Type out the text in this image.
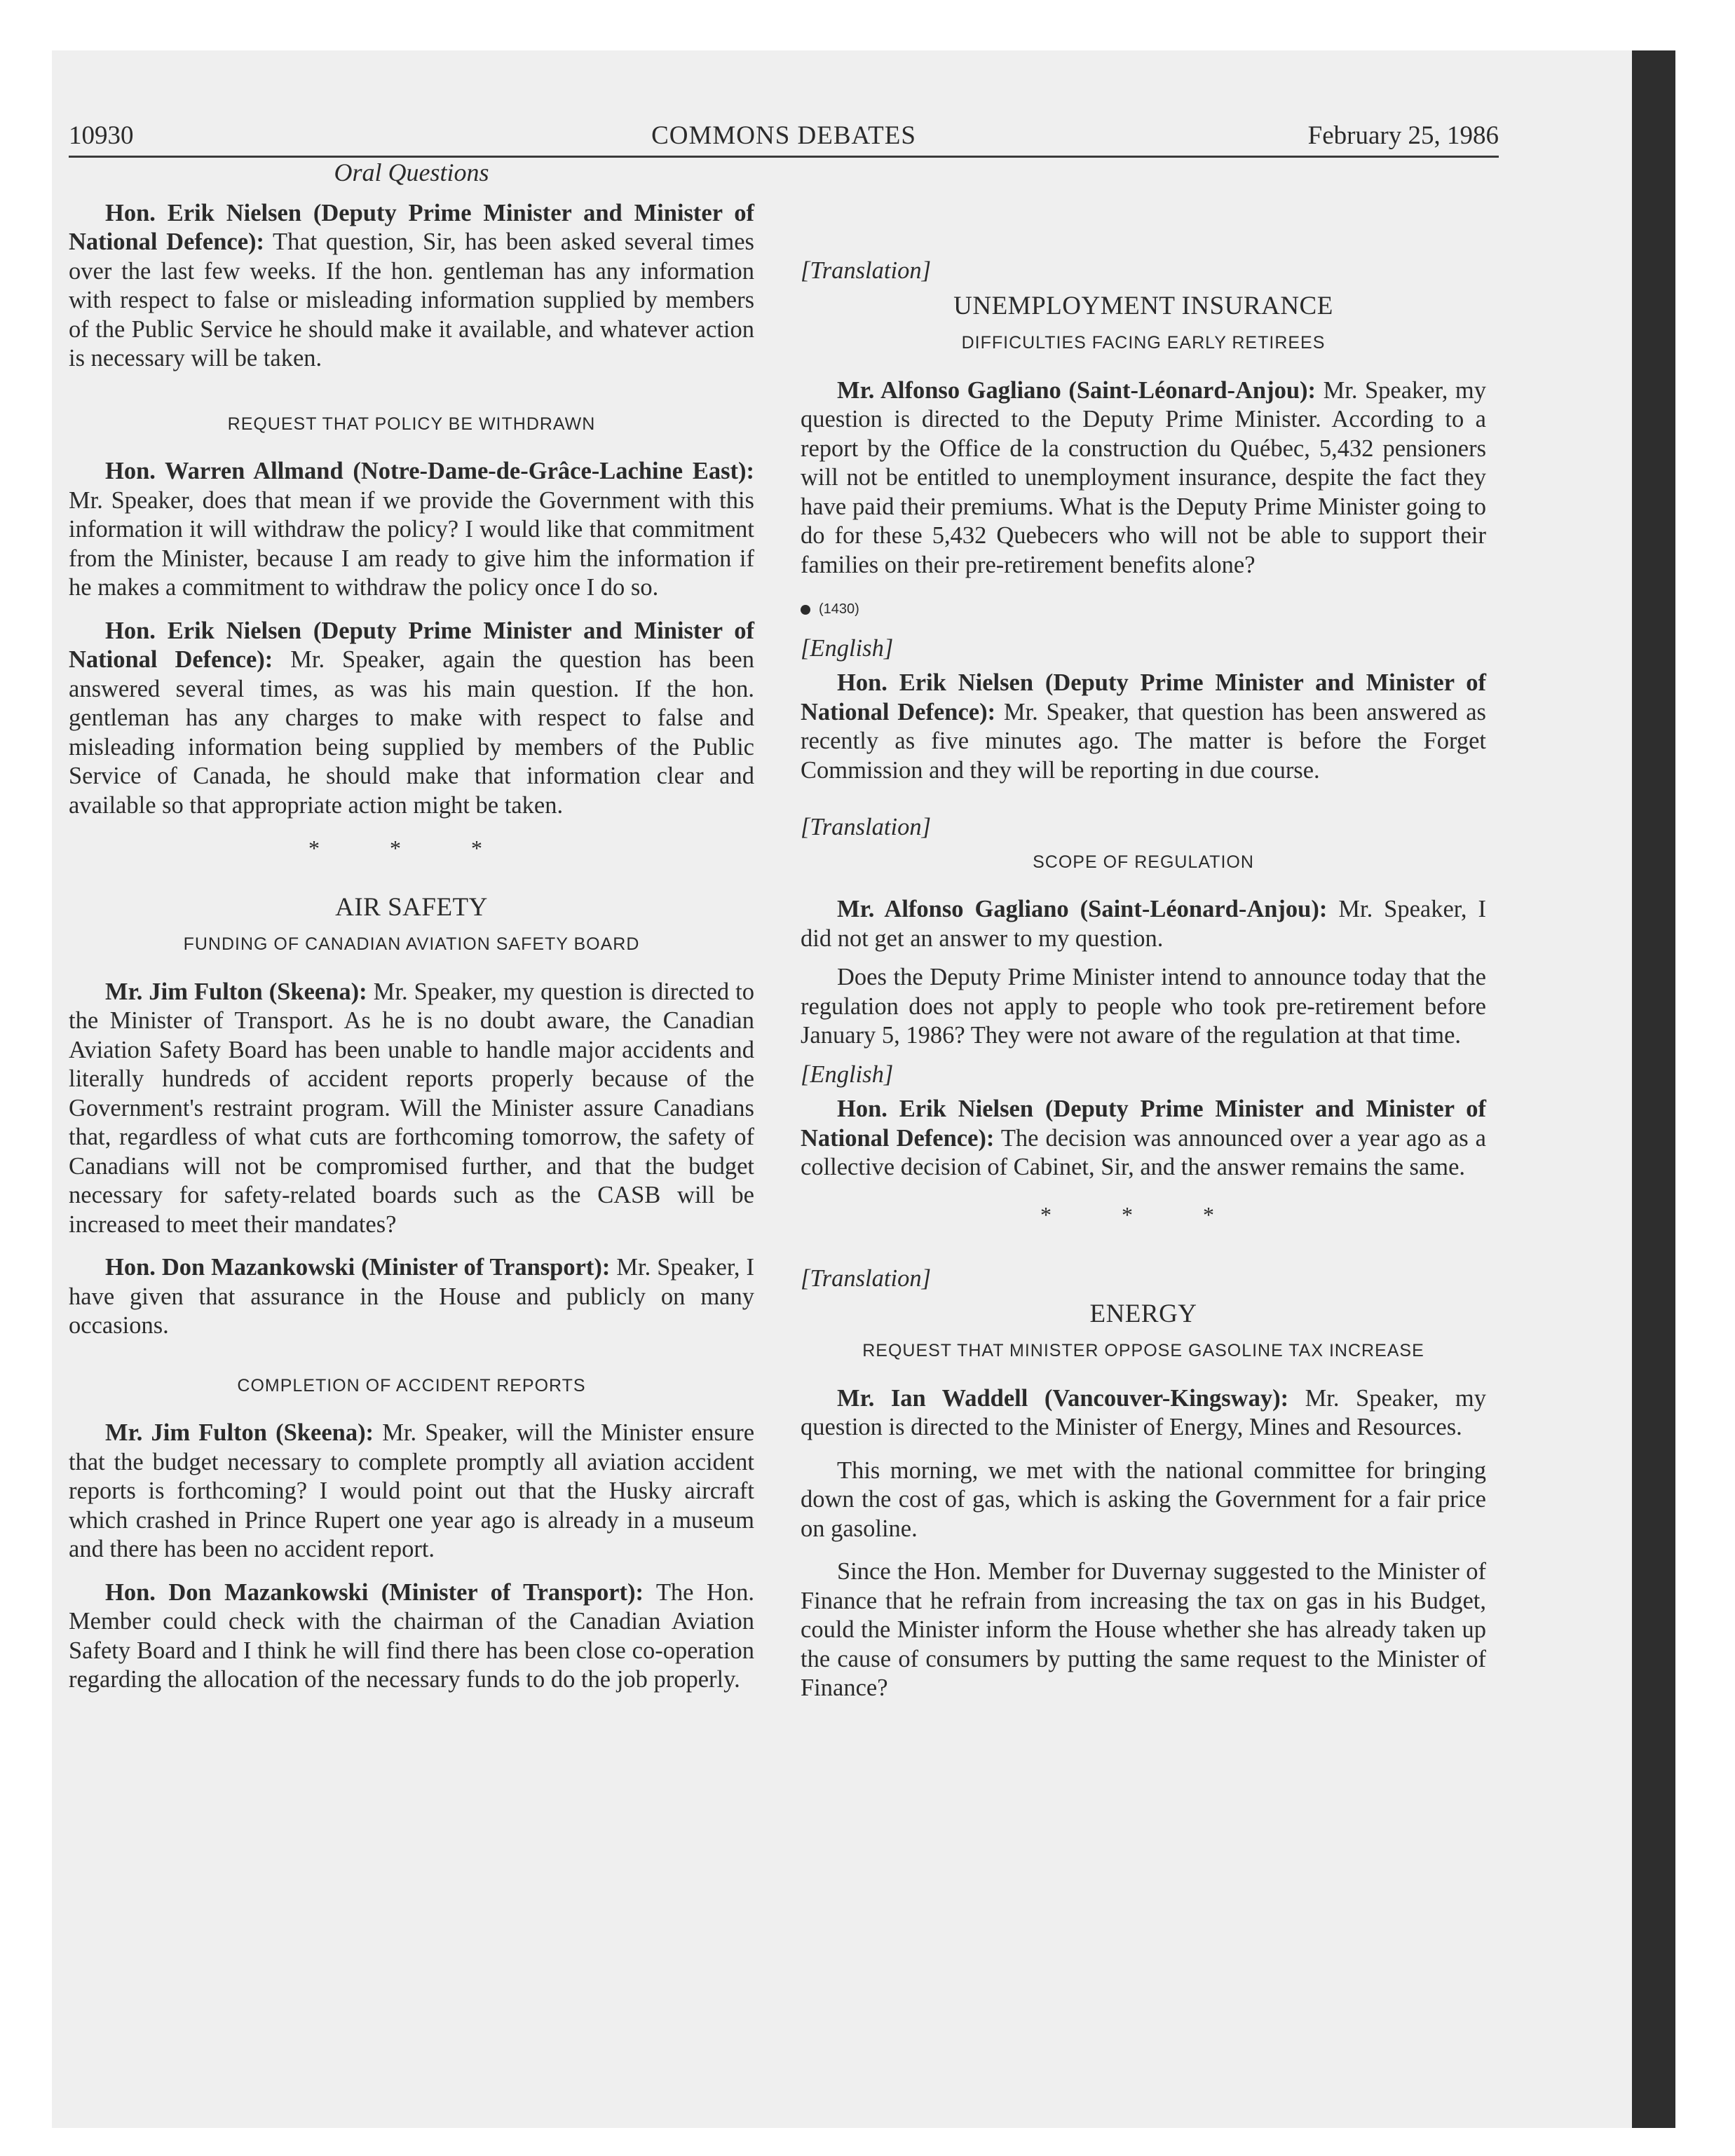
10930	COMMONS DEBATES	February 25, 1986
Oral Questions

Hon. Erik Nielsen (Deputy Prime Minister and Minister of National Defence): That question, Sir, has been asked several times over the last few weeks. If the hon. gentleman has any information with respect to false or misleading information supplied by members of the Public Service he should make it available, and whatever action is necessary will be taken.

REQUEST THAT POLICY BE WITHDRAWN

Hon. Warren Allmand (Notre-Dame-de-Grâce-Lachine East): Mr. Speaker, does that mean if we provide the Government with this information it will withdraw the policy? I would like that commitment from the Minister, because I am ready to give him the information if he makes a commitment to withdraw the policy once I do so.

Hon. Erik Nielsen (Deputy Prime Minister and Minister of National Defence): Mr. Speaker, again the question has been answered several times, as was his main question. If the hon. gentleman has any charges to make with respect to false and misleading information being supplied by members of the Public Service of Canada, he should make that information clear and available so that appropriate action might be taken.

* * *
AIR SAFETY
FUNDING OF CANADIAN AVIATION SAFETY BOARD

Mr. Jim Fulton (Skeena): Mr. Speaker, my question is directed to the Minister of Transport. As he is no doubt aware, the Canadian Aviation Safety Board has been unable to handle major accidents and literally hundreds of accident reports properly because of the Government's restraint program. Will the Minister assure Canadians that, regardless of what cuts are forthcoming tomorrow, the safety of Canadians will not be compromised further, and that the budget necessary for safety-related boards such as the CASB will be increased to meet their mandates?

Hon. Don Mazankowski (Minister of Transport): Mr. Speaker, I have given that assurance in the House and publicly on many occasions.

COMPLETION OF ACCIDENT REPORTS

Mr. Jim Fulton (Skeena): Mr. Speaker, will the Minister ensure that the budget necessary to complete promptly all aviation accident reports is forthcoming? I would point out that the Husky aircraft which crashed in Prince Rupert one year ago is already in a museum and there has been no accident report.

Hon. Don Mazankowski (Minister of Transport): The Hon. Member could check with the chairman of the Canadian Aviation Safety Board and I think he will find there has been close co-operation regarding the allocation of the necessary funds to do the job properly.

[Translation]
UNEMPLOYMENT INSURANCE
DIFFICULTIES FACING EARLY RETIREES

Mr. Alfonso Gagliano (Saint-Léonard-Anjou): Mr. Speaker, my question is directed to the Deputy Prime Minister. According to a report by the Office de la construction du Québec, 5,432 pensioners will not be entitled to unemployment insurance, despite the fact they have paid their premiums. What is the Deputy Prime Minister going to do for these 5,432 Quebecers who will not be able to support their families on their pre-retirement benefits alone?

(1430)
[English]

Hon. Erik Nielsen (Deputy Prime Minister and Minister of National Defence): Mr. Speaker, that question has been answered as recently as five minutes ago. The matter is before the Forget Commission and they will be reporting in due course.

[Translation]
SCOPE OF REGULATION

Mr. Alfonso Gagliano (Saint-Léonard-Anjou): Mr. Speaker, I did not get an answer to my question.

Does the Deputy Prime Minister intend to announce today that the regulation does not apply to people who took pre-retirement before January 5, 1986? They were not aware of the regulation at that time.

[English]

Hon. Erik Nielsen (Deputy Prime Minister and Minister of National Defence): The decision was announced over a year ago as a collective decision of Cabinet, Sir, and the answer remains the same.

* * *
[Translation]
ENERGY
REQUEST THAT MINISTER OPPOSE GASOLINE TAX INCREASE

Mr. Ian Waddell (Vancouver-Kingsway): Mr. Speaker, my question is directed to the Minister of Energy, Mines and Resources.

This morning, we met with the national committee for bringing down the cost of gas, which is asking the Government for a fair price on gasoline.

Since the Hon. Member for Duvernay suggested to the Minister of Finance that he refrain from increasing the tax on gas in his Budget, could the Minister inform the House whether she has already taken up the cause of consumers by putting the same request to the Minister of Finance?
